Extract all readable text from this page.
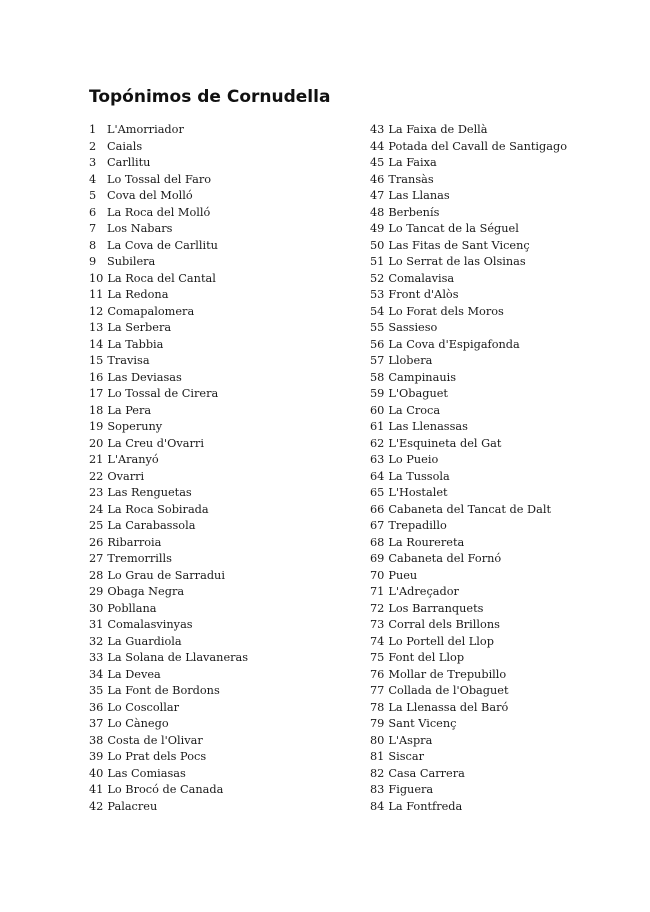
Topónimos de Cornudella
1 L'Amorriador
2 Caials
3 Carllitu
4 Lo Tossal del Faro
5 Cova del Molló
6 La Roca del Molló
7 Los Nabars
8 La Cova de Carllitu
9 Subilera
10 La Roca del Cantal
11 La Redona
12 Comapalomera
13 La Serbera
14 La Tabbia
15 Travisa
16 Las Deviasas
17 Lo Tossal de Cirera
18 La Pera
19 Soperuny
20 La Creu d'Ovarri
21 L'Aranyó
22 Ovarri
23 Las Renguetas
24 La Roca Sobirada
25 La Carabassola
26 Ribarroia
27 Tremorrills
28 Lo Grau de Sarradui
29 Obaga Negra
30 Pobllana
31 Comalasvinyas
32 La Guardiola
33 La Solana de Llavaneras
34 La Devea
35 La Font de Bordons
36 Lo Coscollar
37 Lo Cànego
38 Costa de l'Olivar
39 Lo Prat dels Pocs
40 Las Comiasas
41 Lo Brocó de Canada
42 Palacreu
43 La Faixa de Dellà
44 Potada del Cavall de Santigago
45 La Faixa
46 Transàs
47 Las Llanas
48 Berbenís
49 Lo Tancat de la Séguel
50 Las Fitas de Sant Vicenç
51 Lo Serrat de las Olsinas
52 Comalavisa
53 Front d'Alòs
54 Lo Forat dels Moros
55 Sassieso
56 La Cova d'Espigafonda
57 Llobera
58 Campinauis
59 L'Obaguet
60 La Croca
61 Las Llenassas
62 L'Esquineta del Gat
63 Lo Pueio
64 La Tussola
65 L'Hostalet
66 Cabaneta del Tancat de Dalt
67 Trepadillo
68 La Rourereta
69 Cabaneta del Fornó
70 Pueu
71 L'Adreçador
72 Los Barranquets
73 Corral dels Brillons
74 Lo Portell del Llop
75 Font del Llop
76 Mollar de Trepubillo
77 Collada de l'Obaguet
78 La Llenassa del Baró
79 Sant Vicenç
80 L'Aspra
81 Siscar
82 Casa Carrera
83 Figuera
84 La Fontfreda
